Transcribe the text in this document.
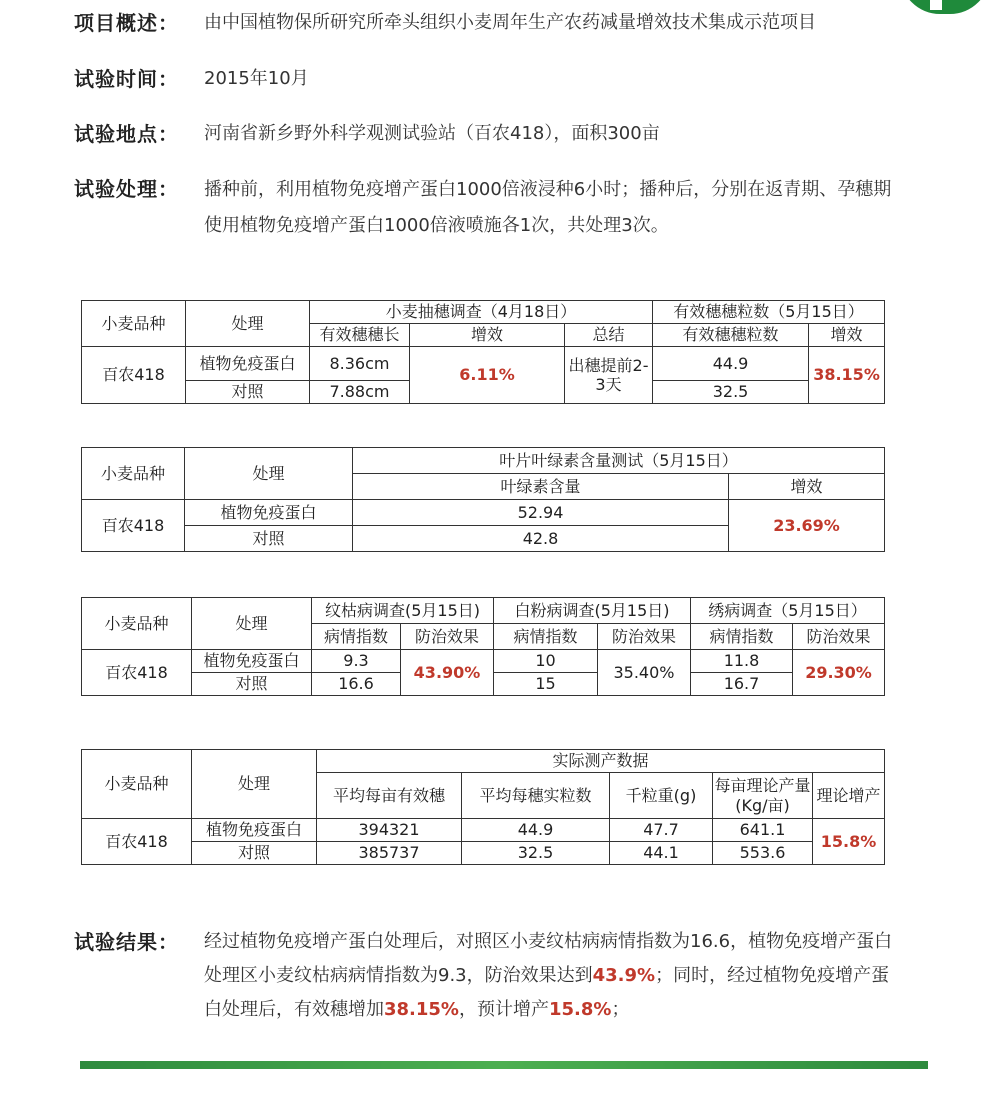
项目概述：	由中国植物保所研究所牵头组织小麦周年生产农药减量增效技术集成示范项目
试验时间：	2015年10月
试验地点：	河南省新乡野外科学观测试验站（百农418），面积300亩
试验处理：	播种前，利用植物免疫增产蛋白1000倍液浸种6小时；播种后，分别在返青期、孕穗期使用植物免疫增产蛋白1000倍液喷施各1次，共处理3次。
小麦品种	处理	小麦抽穗调查（4月18日）			有效穗穗粒数（5月15日）	
		有效穗穗长	增效	总结	有效穗穗粒数	增效
百农418	植物免疫蛋白	8.36cm	6.11%	出穗提前2-3天	44.9	38.15%
	对照	7.88cm			32.5	
小麦品种	处理	叶片叶绿素含量测试（5月15日）	
		叶绿素含量	增效
百农418	植物免疫蛋白	52.94	23.69%
	对照	42.8	
小麦品种	处理	纹枯病调查(5月15日)		白粉病调查(5月15日)		绣病调查（5月15日）	
		病情指数	防治效果	病情指数	防治效果	病情指数	防治效果
百农418	植物免疫蛋白	9.3	43.90%	10	35.40%	11.8	29.30%
	对照	16.6		15		16.7	
小麦品种	处理	实际测产数据				
		平均每亩有效穗	平均每穗实粒数	千粒重(g)	每亩理论产量(Kg/亩)	理论增产
百农418	植物免疫蛋白	394321	44.9	47.7	641.1	15.8%
	对照	385737	32.5	44.1	553.6	
试验结果：	经过植物免疫增产蛋白处理后，对照区小麦纹枯病病情指数为16.6，植物免疫增产蛋白处理区小麦纹枯病病情指数为9.3，防治效果达到43.9%；同时，经过植物免疫增产蛋白处理后，有效穗增加38.15%，预计增产15.8%；
